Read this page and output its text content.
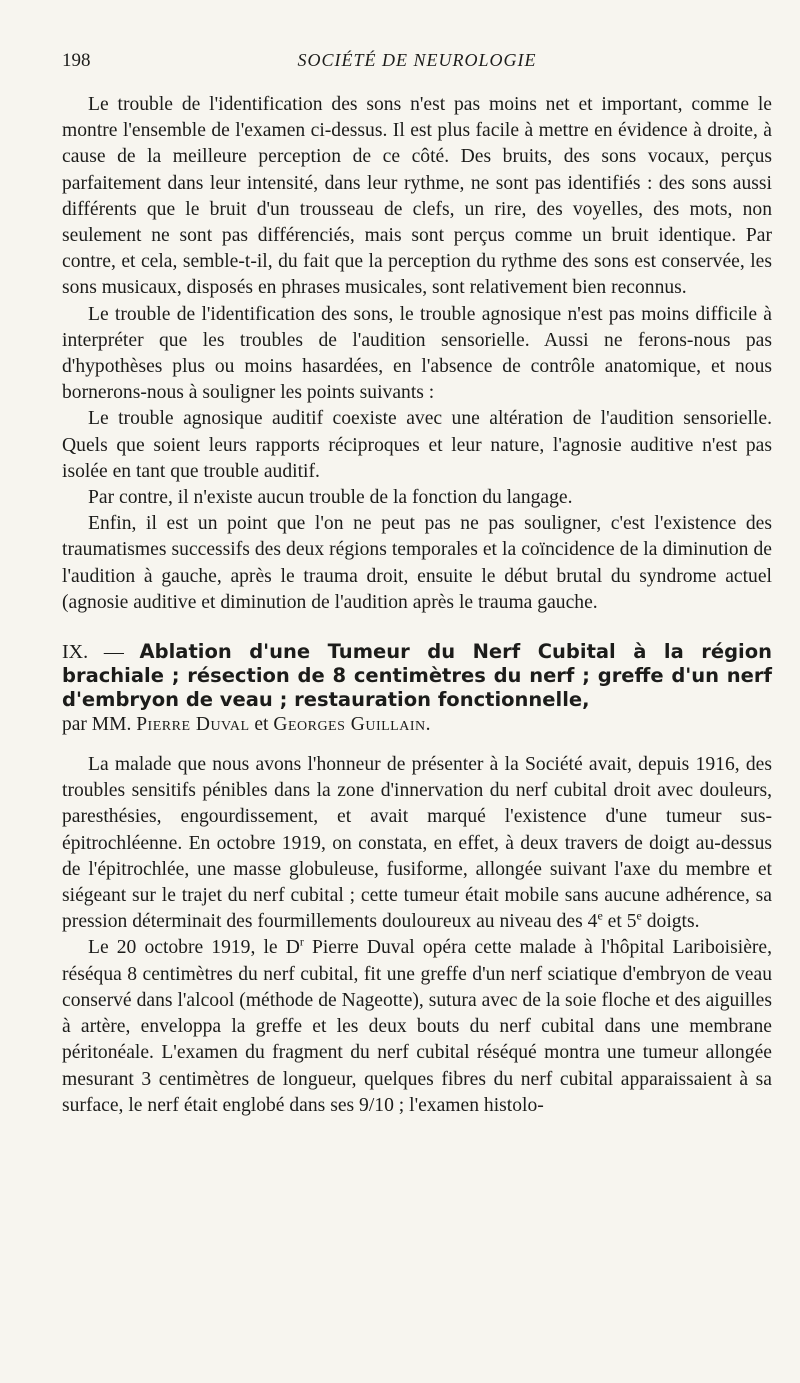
198	SOCIÉTÉ DE NEUROLOGIE

Le trouble de l'identification des sons n'est pas moins net et important, comme le montre l'ensemble de l'examen ci-dessus. Il est plus facile à mettre en évidence à droite, à cause de la meilleure perception de ce côté. Des bruits, des sons vocaux, perçus parfaitement dans leur intensité, dans leur rythme, ne sont pas identifiés : des sons aussi différents que le bruit d'un trousseau de clefs, un rire, des voyelles, des mots, non seulement ne sont pas différenciés, mais sont perçus comme un bruit identique. Par contre, et cela, semble-t-il, du fait que la perception du rythme des sons est conservée, les sons musicaux, disposés en phrases musicales, sont relativement bien reconnus.

Le trouble de l'identification des sons, le trouble agnosique n'est pas moins difficile à interpréter que les troubles de l'audition sensorielle. Aussi ne ferons-nous pas d'hypothèses plus ou moins hasardées, en l'absence de contrôle anatomique, et nous bornerons-nous à souligner les points suivants :

Le trouble agnosique auditif coexiste avec une altération de l'audition sensorielle. Quels que soient leurs rapports réciproques et leur nature, l'agnosie auditive n'est pas isolée en tant que trouble auditif.

Par contre, il n'existe aucun trouble de la fonction du langage.

Enfin, il est un point que l'on ne peut pas ne pas souligner, c'est l'existence des traumatismes successifs des deux régions temporales et la coïncidence de la diminution de l'audition à gauche, après le trauma droit, ensuite le début brutal du syndrome actuel (agnosie auditive et diminution de l'audition après le trauma gauche.

IX. — Ablation d'une Tumeur du Nerf Cubital à la région brachiale ; résection de 8 centimètres du nerf ; greffe d'un nerf d'embryon de veau ; restauration fonctionnelle,

par MM. Pierre Duval et Georges Guillain.

La malade que nous avons l'honneur de présenter à la Société avait, depuis 1916, des troubles sensitifs pénibles dans la zone d'innervation du nerf cubital droit avec douleurs, paresthésies, engourdissement, et avait marqué l'existence d'une tumeur sus-épitrochléenne. En octobre 1919, on constata, en effet, à deux travers de doigt au-dessus de l'épitrochlée, une masse globuleuse, fusiforme, allongée suivant l'axe du membre et siégeant sur le trajet du nerf cubital ; cette tumeur était mobile sans aucune adhérence, sa pression déterminait des fourmillements douloureux au niveau des 4e et 5e doigts.

Le 20 octobre 1919, le $D^r$ Pierre Duval opéra cette malade à l'hôpital Lariboisière, réséqua 8 centimètres du nerf cubital, fit une greffe d'un nerf sciatique d'embryon de veau conservé dans l'alcool (méthode de Nageotte), sutura avec de la soie floche et des aiguilles à artère, enveloppa la greffe et les deux bouts du nerf cubital dans une membrane péritonéale. L'examen du fragment du nerf cubital réséqué montra une tumeur allongée mesurant 3 centimètres de longueur, quelques fibres du nerf cubital apparaissaient à sa surface, le nerf était englobé dans ses 9/10 ; l'examen histolo-
